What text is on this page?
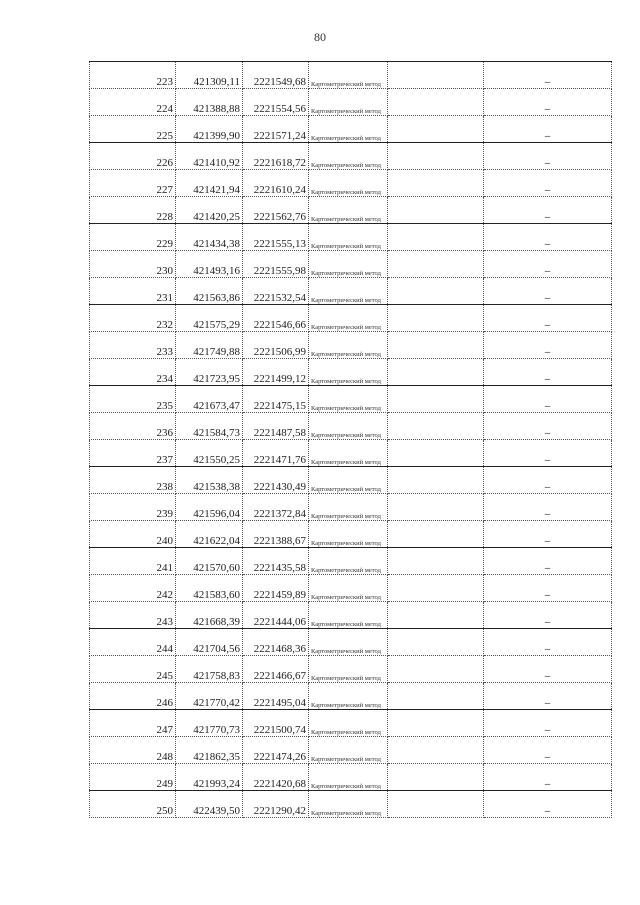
80
223	421309,11	2221549,68	Картометрический метод		–
224	421388,88	2221554,56	Картометрический метод		–
225	421399,90	2221571,24	Картометрический метод		–
226	421410,92	2221618,72	Картометрический метод		–
227	421421,94	2221610,24	Картометрический метод		–
228	421420,25	2221562,76	Картометрический метод		–
229	421434,38	2221555,13	Картометрический метод		–
230	421493,16	2221555,98	Картометрический метод		–
231	421563,86	2221532,54	Картометрический метод		–
232	421575,29	2221546,66	Картометрический метод		–
233	421749,88	2221506,99	Картометрический метод		–
234	421723,95	2221499,12	Картометрический метод		–
235	421673,47	2221475,15	Картометрический метод		–
236	421584,73	2221487,58	Картометрический метод		–
237	421550,25	2221471,76	Картометрический метод		–
238	421538,38	2221430,49	Картометрический метод		–
239	421596,04	2221372,84	Картометрический метод		–
240	421622,04	2221388,67	Картометрический метод		–
241	421570,60	2221435,58	Картометрический метод		–
242	421583,60	2221459,89	Картометрический метод		–
243	421668,39	2221444,06	Картометрический метод		–
244	421704,56	2221468,36	Картометрический метод		–
245	421758,83	2221466,67	Картометрический метод		–
246	421770,42	2221495,04	Картометрический метод		–
247	421770,73	2221500,74	Картометрический метод		–
248	421862,35	2221474,26	Картометрический метод		–
249	421993,24	2221420,68	Картометрический метод		–
250	422439,50	2221290,42	Картометрический метод		–
